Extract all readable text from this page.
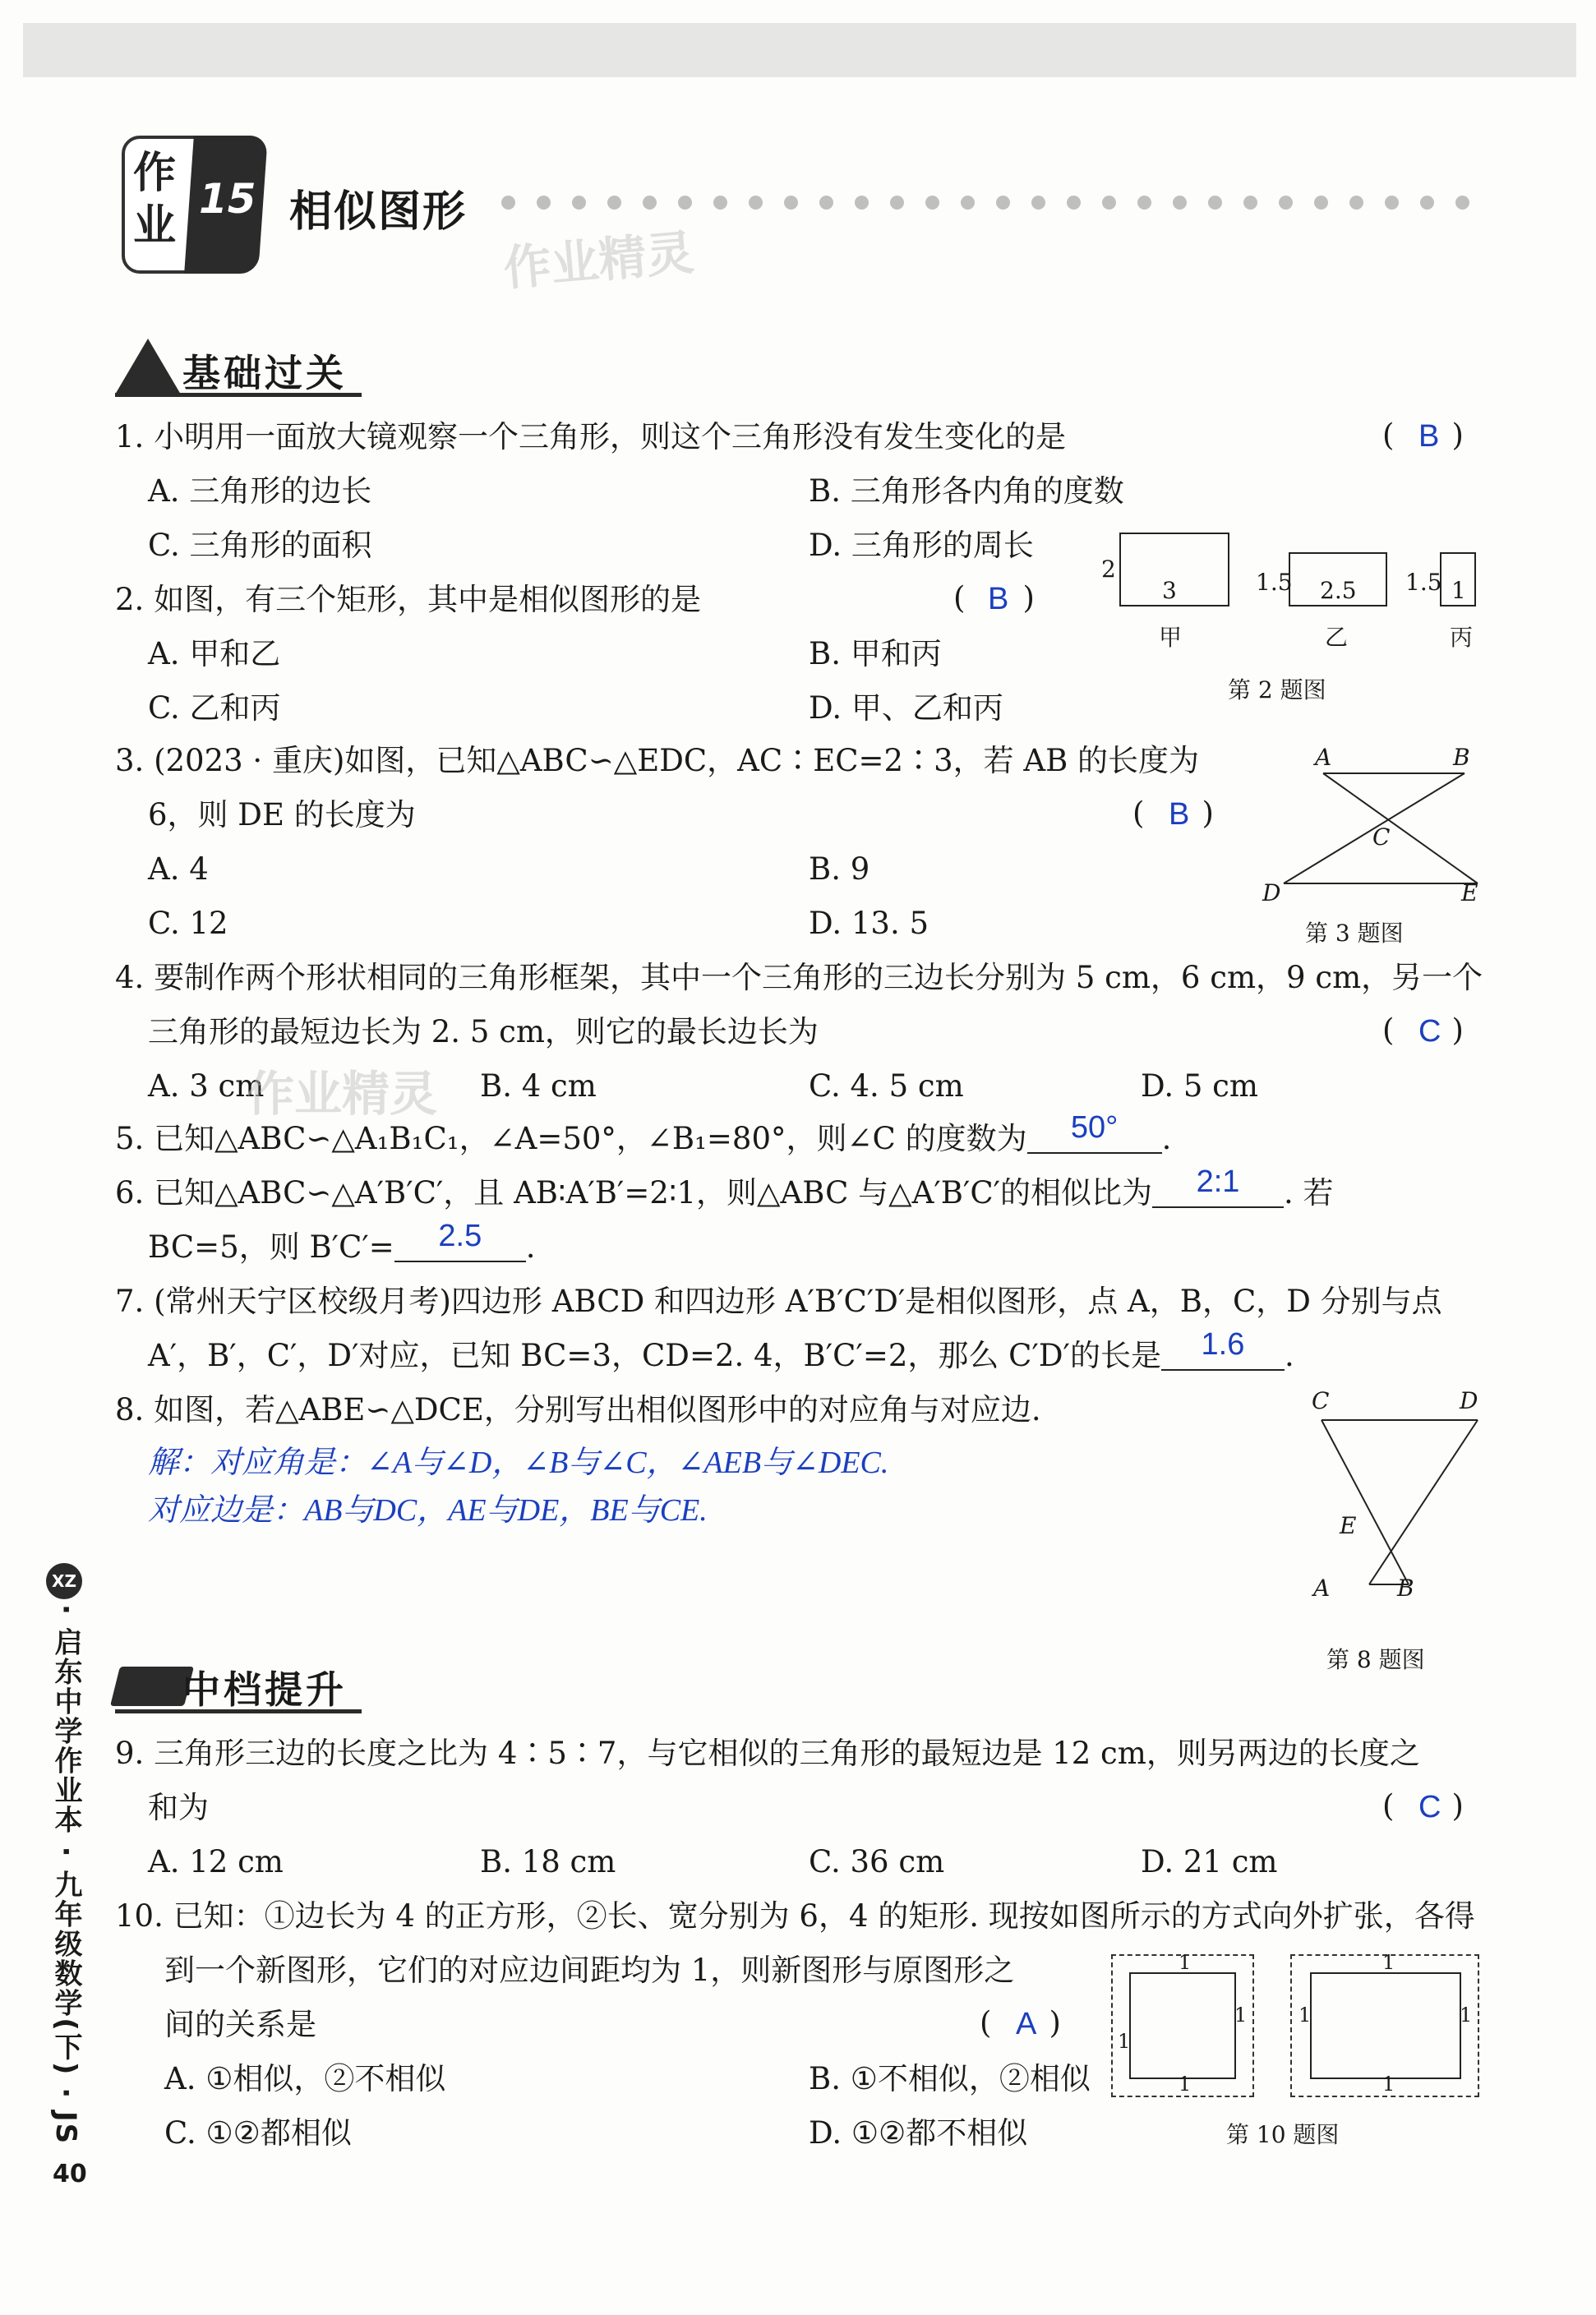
作业
15 相似图形
作业精灵
基础过关
1. 小明用一面放大镜观察一个三角形，则这个三角形没有发生变化的是	( )
B
A. 三角形的边长	B. 三角形各内角的度数
C. 三角形的面积	D. 三角形的周长
2. 如图，有三个矩形，其中是相似图形的是	( )
B
A. 甲和乙	B. 甲和丙
C. 乙和丙	D. 甲、乙和丙
2
3
甲
1.5 2.5
乙
1.5 1
丙
第 2 题图
3. (2023 · 重庆)如图，已知△ABC∽△EDC，AC∶EC=2∶3，若 AB 的长度为
6，则 DE 的长度为	( )
B
A. 4	B. 9
C. 12	D. 13. 5
A	B
C
D	E
第 3 题图
4. 要制作两个形状相同的三角形框架，其中一个三角形的三边长分别为 5 cm，6 cm，9 cm，另一个
三角形的最短边长为 2. 5 cm，则它的最长边长为	( )
C
A. 3 cm	B. 4 cm	C. 4. 5 cm	D. 5 cm
作业精灵
5. 已知△ABC∽△A₁B₁C₁，∠A=50°，∠B₁=80°，则∠C 的度数为 50° .
6. 已知△ABC∽△A′B′C′，且 AB∶A′B′=2∶1，则△ABC 与△A′B′C′的相似比为 2:1 . 若
BC=5，则 B′C′= 2.5 .
7. (常州天宁区校级月考)四边形 ABCD 和四边形 A′B′C′D′是相似图形，点 A，B，C，D 分别与点
A′，B′，C′，D′对应，已知 BC=3，CD=2. 4，B′C′=2，那么 C′D′的长是 1.6 .
8. 如图，若△ABE∽△DCE，分别写出相似图形中的对应角与对应边.
解：对应角是：∠A与∠D，∠B与∠C，∠AEB与∠DEC.
对应边是：AB与DC，AE与DE，BE与CE.
C	D
E
A	B
第 8 题图
中档提升
9. 三角形三边的长度之比为 4∶5∶7，与它相似的三角形的最短边是 12 cm，则另两边的长度之
和为	( )
C
A. 12 cm	B. 18 cm	C. 36 cm	D. 21 cm
10. 已知：①边长为 4 的正方形，②长、宽分别为 6，4 的矩形. 现按如图所示的方式向外扩张，各得
到一个新图形，它们的对应边间距均为 1，则新图形与原图形之
间的关系是	( )
A
A. ①相似，②不相似	B. ①不相似，②相似
C. ①②都相似	D. ①②都不相似
1
1
1
1
1
1	1
1
第 10 题图
XZ
· 启东中学作业本 · 九年级数学(下) · JS
40
